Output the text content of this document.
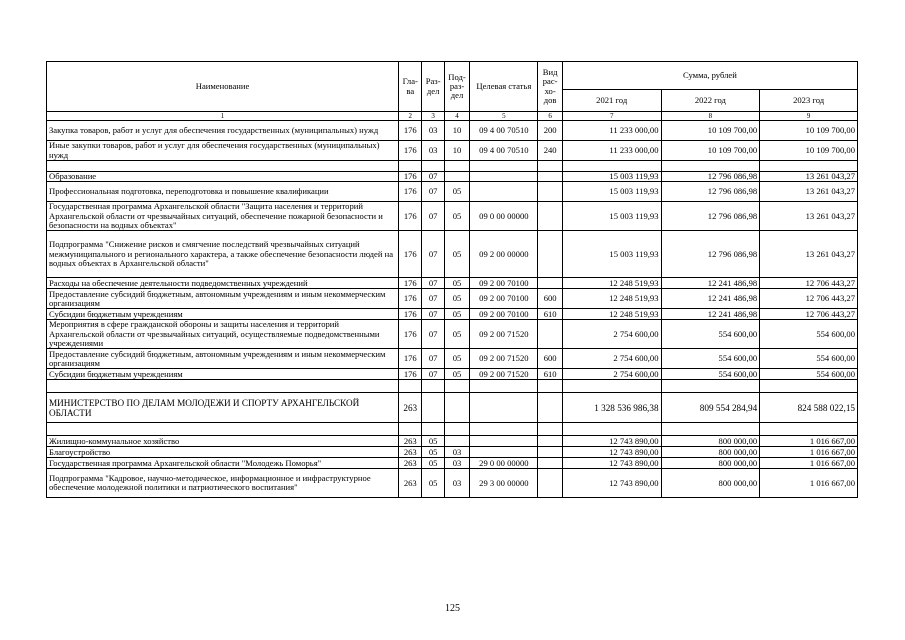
Наименование	Гла-ва	Раз-дел	Под-раз-дел	Целевая статья	Вид рас-хо-дов	Сумма, рублей		
						2021 год	2022 год	2023 год
1	2	3	4	5	6	7	8	9
Закупка товаров, работ и услуг для обеспечения государственных (муниципальных) нужд	176	03	10	09 4 00 70510	200	11 233 000,00	10 109 700,00	10 109 700,00
Иные закупки товаров, работ и услуг для обеспечения государственных (муниципальных) нужд	176	03	10	09 4 00 70510	240	11 233 000,00	10 109 700,00	10 109 700,00

Образование	176	07				15 003 119,93	12 796 086,98	13 261 043,27
Профессиональная подготовка, переподготовка и повышение квалификации	176	07	05			15 003 119,93	12 796 086,98	13 261 043,27
Государственная программа Архангельской области "Защита населения и территорий Архангельской области от чрезвычайных ситуаций, обеспечение пожарной безопасности и безопасности на водных объектах"	176	07	05	09 0 00 00000		15 003 119,93	12 796 086,98	13 261 043,27
Подпрограмма "Снижение рисков и смягчение последствий чрезвычайных ситуаций межмуниципального и регионального характера, а также обеспечение безопасности людей на водных объектах в Архангельской области"	176	07	05	09 2 00 00000		15 003 119,93	12 796 086,98	13 261 043,27
Расходы на обеспечение деятельности подведомственных учреждений	176	07	05	09 2 00 70100		12 248 519,93	12 241 486,98	12 706 443,27
Предоставление субсидий бюджетным, автономным учреждениям и иным некоммерческим организациям	176	07	05	09 2 00 70100	600	12 248 519,93	12 241 486,98	12 706 443,27
Субсидии бюджетным учреждениям	176	07	05	09 2 00 70100	610	12 248 519,93	12 241 486,98	12 706 443,27
Мероприятия в сфере гражданской обороны и защиты населения и территорий Архангельской области от чрезвычайных ситуаций, осуществляемые подведомственными учреждениями	176	07	05	09 2 00 71520		2 754 600,00	554 600,00	554 600,00
Предоставление субсидий бюджетным, автономным учреждениям и иным некоммерческим организациям	176	07	05	09 2 00 71520	600	2 754 600,00	554 600,00	554 600,00
Субсидии бюджетным учреждениям	176	07	05	09 2 00 71520	610	2 754 600,00	554 600,00	554 600,00

МИНИСТЕРСТВО ПО ДЕЛАМ МОЛОДЕЖИ И СПОРТУ АРХАНГЕЛЬСКОЙ ОБЛАСТИ	263					1 328 536 986,38	809 554 284,94	824 588 022,15

Жилищно-коммунальное хозяйство	263	05				12 743 890,00	800 000,00	1 016 667,00
Благоустройство	263	05	03			12 743 890,00	800 000,00	1 016 667,00
Государственная программа Архангельской области "Молодежь Поморья"	263	05	03	29 0 00 00000		12 743 890,00	800 000,00	1 016 667,00
Подпрограмма "Кадровое, научно-методическое, информационное и инфраструктурное обеспечение молодежной политики и патриотического воспитания"	263	05	03	29 3 00 00000		12 743 890,00	800 000,00	1 016 667,00
125
